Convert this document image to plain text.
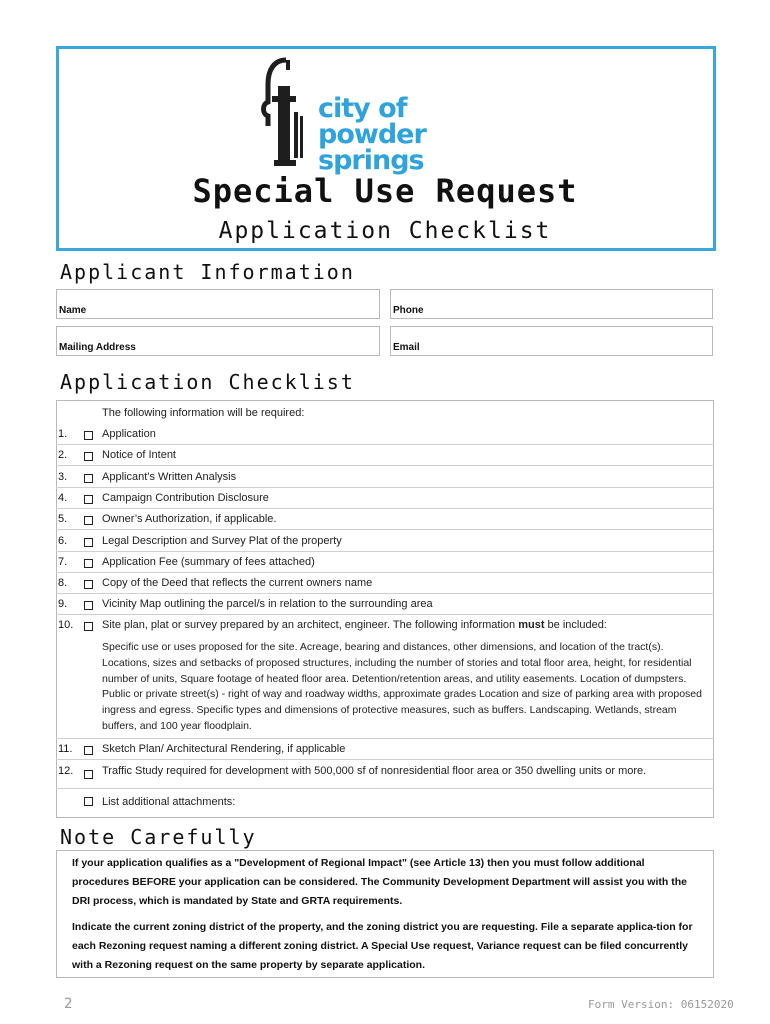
city of
powder springs
Special Use Request
Application Checklist
Applicant Information
Name	Phone
Mailing Address	Email
Application Checklist
The following information will be required:
1.	Application
2.	Notice of Intent
3.	Applicant’s Written Analysis
4.	Campaign Contribution Disclosure
5.	Owner’s Authorization, if applicable.
6.	Legal Description and Survey Plat of the property
7.	Application Fee (summary of fees attached)
8.	Copy of the Deed that reflects the current owners name
9.	Vicinity Map outlining the parcel/s in relation to the surrounding area
10.	Site plan, plat or survey prepared by an architect, engineer. The following information must be included:
Specific use or uses proposed for the site. Acreage, bearing and distances, other dimensions, and location of the tract(s). Locations, sizes and setbacks of proposed structures, including the number of stories and total floor area, height, for residential number of units, Square footage of heated floor area. Detention/retention areas, and utility easements. Location of dumpsters. Public or private street(s) - right of way and roadway widths, approximate grades Location and size of parking area with proposed ingress and egress. Specific types and dimensions of protective measures, such as buffers. Landscaping. Wetlands, stream buffers, and 100 year floodplain.
11.	Sketch Plan/ Architectural Rendering, if applicable
12.	Traffic Study required for development with 500,000 sf of nonresidential floor area or 350 dwelling units or more.
List additional attachments:
Note Carefully
If your application qualifies as a "Development of Regional Impact" (see Article 13) then you must follow additional procedures BEFORE your application can be considered. The Community Development Department will assist you with the DRI process, which is mandated by State and GRTA requirements.
Indicate the current zoning district of the property, and the zoning district you are requesting. File a separate applica-tion for each Rezoning request naming a different zoning district. A Special Use request, Variance request can be filed concurrently with a Rezoning request on the same property by separate application.
2	Form Version: 06152020
